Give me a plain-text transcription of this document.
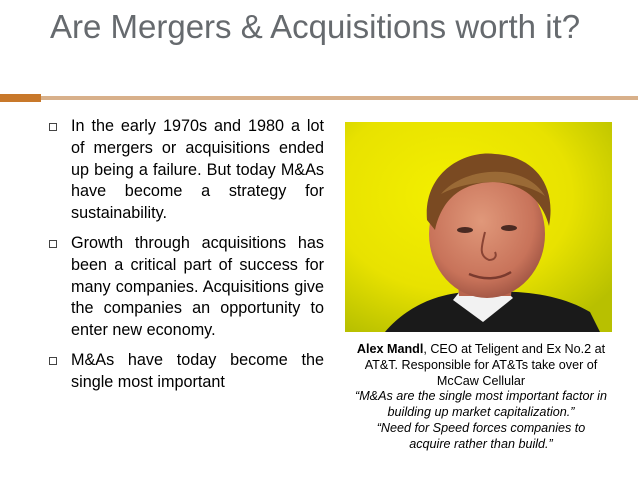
Are Mergers & Acquisitions worth it?
In the early 1970s and 1980 a lot of mergers or acquisitions ended up being a failure. But today M&As have become a strategy for sustainability.
Growth through acquisitions has been a critical part of success for many companies. Acquisitions give the companies an opportunity to enter new economy.
M&As have today become the single most important
Alex Mandl, CEO at Teligent and Ex No.2 at AT&T. Responsible for AT&Ts take over of McCaw Cellular
“M&As are the single most important factor in building up market capitalization.”
“Need for Speed forces companies to acquire rather than build.”
